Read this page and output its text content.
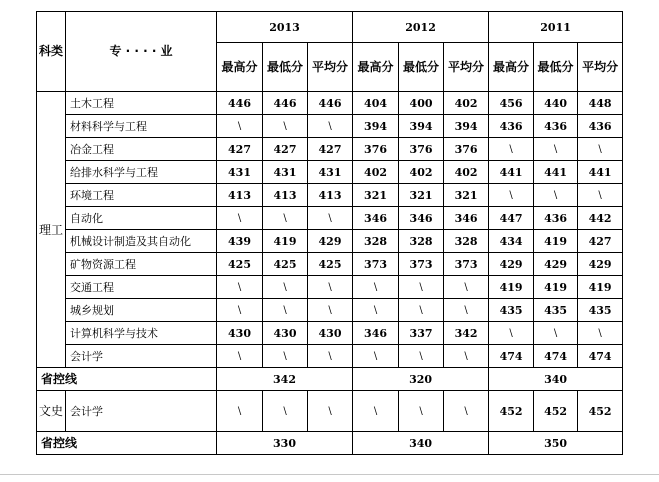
科类	专 · · · · 业	2013			2012			2011		
		最高分	最低分	平均分	最高分	最低分	平均分	最高分	最低分	平均分
理工	土木工程	446	446	446	404	400	402	456	440	448
	材料科学与工程	\	\	\	394	394	394	436	436	436
	冶金工程	427	427	427	376	376	376	\	\	\
	给排水科学与工程	431	431	431	402	402	402	441	441	441
	环境工程	413	413	413	321	321	321	\	\	\
	自动化	\	\	\	346	346	346	447	436	442
	机械设计制造及其自动化	439	419	429	328	328	328	434	419	427
	矿物资源工程	425	425	425	373	373	373	429	429	429
	交通工程	\	\	\	\	\	\	419	419	419
	城乡规划	\	\	\	\	\	\	435	435	435
	计算机科学与技术	430	430	430	346	337	342	\	\	\
	会计学	\	\	\	\	\	\	474	474	474
省控线		342			320			340		
文史	会计学	\	\	\	\	\	\	452	452	452
省控线		330			340			350		
